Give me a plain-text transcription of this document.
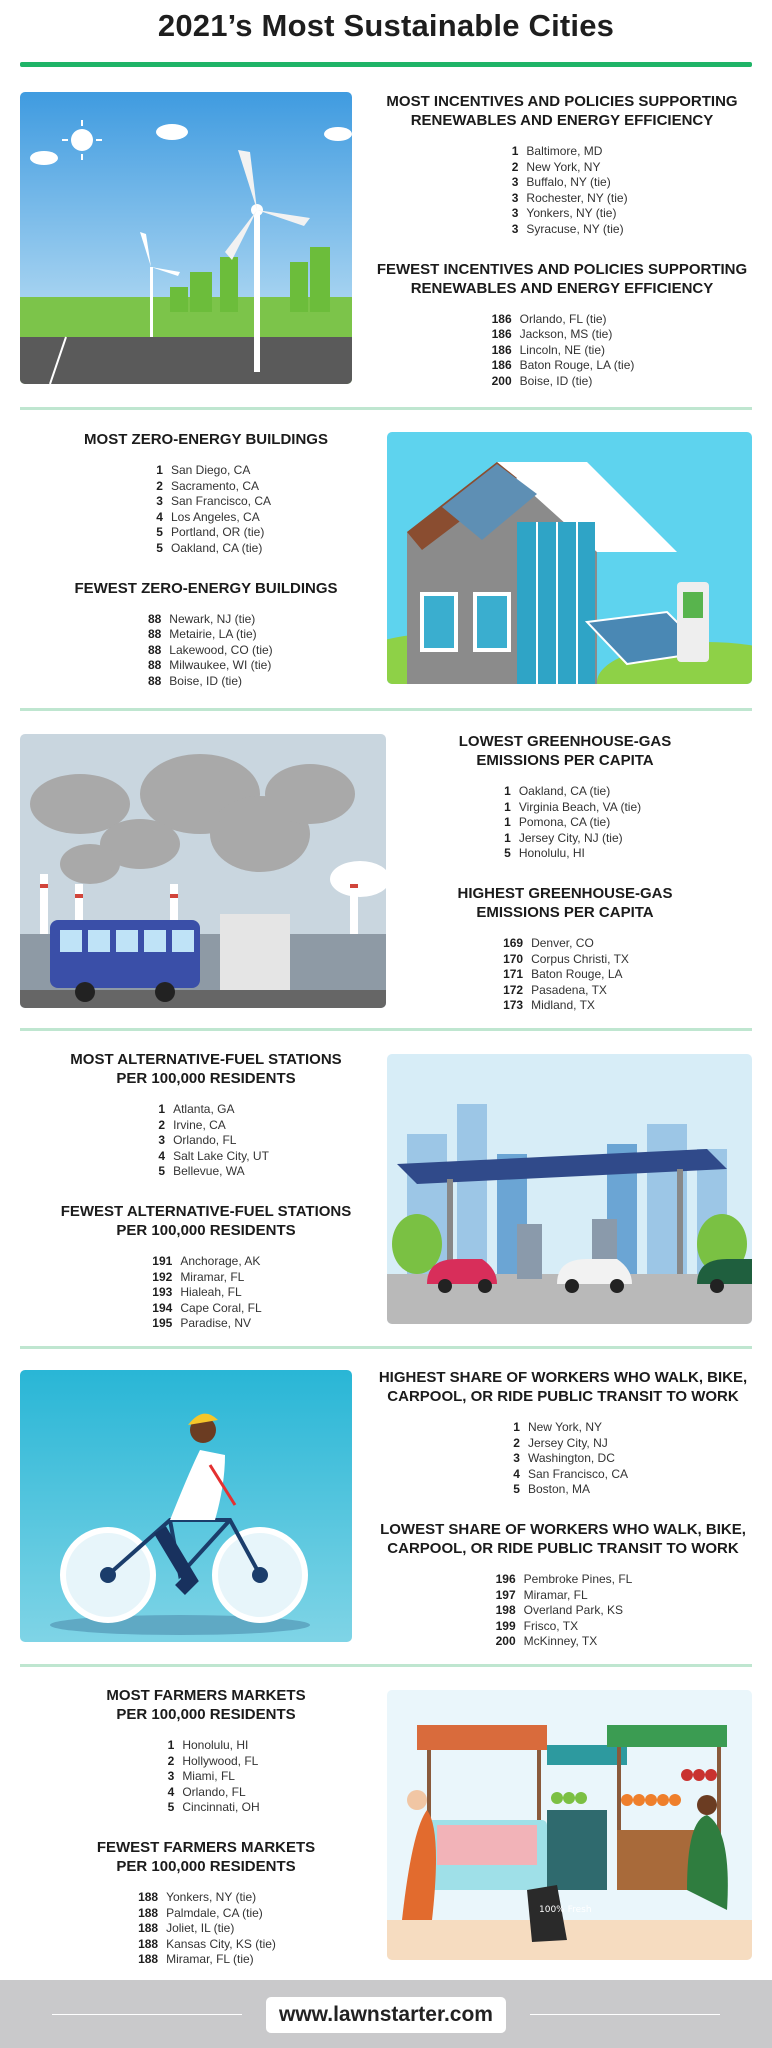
2021’s Most Sustainable Cities
MOST INCENTIVES AND POLICIES SUPPORTING
RENEWABLES AND ENERGY EFFICIENCY
1 Baltimore, MD
2 New York, NY
3 Buffalo, NY (tie)
3 Rochester, NY (tie)
3 Yonkers, NY (tie)
3 Syracuse, NY (tie)
FEWEST INCENTIVES AND POLICIES SUPPORTING
RENEWABLES AND ENERGY EFFICIENCY
186 Orlando, FL (tie)
186 Jackson, MS (tie)
186 Lincoln, NE (tie)
186 Baton Rouge, LA (tie)
200 Boise, ID (tie)
MOST ZERO-ENERGY BUILDINGS
1 San Diego, CA
2 Sacramento, CA
3 San Francisco, CA
4 Los Angeles, CA
5 Portland, OR (tie)
5 Oakland, CA (tie)
FEWEST ZERO-ENERGY BUILDINGS
88 Newark, NJ (tie)
88 Metairie, LA (tie)
88 Lakewood, CO (tie)
88 Milwaukee, WI (tie)
88 Boise, ID (tie)
LOWEST GREENHOUSE-GAS
EMISSIONS PER CAPITA
1 Oakland, CA (tie)
1 Virginia Beach, VA (tie)
1 Pomona, CA (tie)
1 Jersey City, NJ (tie)
5 Honolulu, HI
HIGHEST GREENHOUSE-GAS
EMISSIONS PER CAPITA
169 Denver, CO
170 Corpus Christi, TX
171 Baton Rouge, LA
172 Pasadena, TX
173 Midland, TX
MOST ALTERNATIVE-FUEL STATIONS
PER 100,000 RESIDENTS
1 Atlanta, GA
2 Irvine, CA
3 Orlando, FL
4 Salt Lake City, UT
5 Bellevue, WA
FEWEST ALTERNATIVE-FUEL STATIONS
PER 100,000 RESIDENTS
191 Anchorage, AK
192 Miramar, FL
193 Hialeah, FL
194 Cape Coral, FL
195 Paradise, NV
HIGHEST SHARE OF WORKERS WHO WALK, BIKE,
CARPOOL, OR RIDE PUBLIC TRANSIT TO WORK
1 New York, NY
2 Jersey City, NJ
3 Washington, DC
4 San Francisco, CA
5 Boston, MA
LOWEST SHARE OF WORKERS WHO WALK, BIKE,
CARPOOL, OR RIDE PUBLIC TRANSIT TO WORK
196 Pembroke Pines, FL
197 Miramar, FL
198 Overland Park, KS
199 Frisco, TX
200 McKinney, TX
MOST FARMERS MARKETS
PER 100,000 RESIDENTS
1 Honolulu, HI
2 Hollywood, FL
3 Miami, FL
4 Orlando, FL
5 Cincinnati, OH
FEWEST FARMERS MARKETS
PER 100,000 RESIDENTS
188 Yonkers, NY (tie)
188 Palmdale, CA (tie)
188 Joliet, IL (tie)
188 Kansas City, KS (tie)
188 Miramar, FL (tie)
100% Fresh
www.lawnstarter.com
